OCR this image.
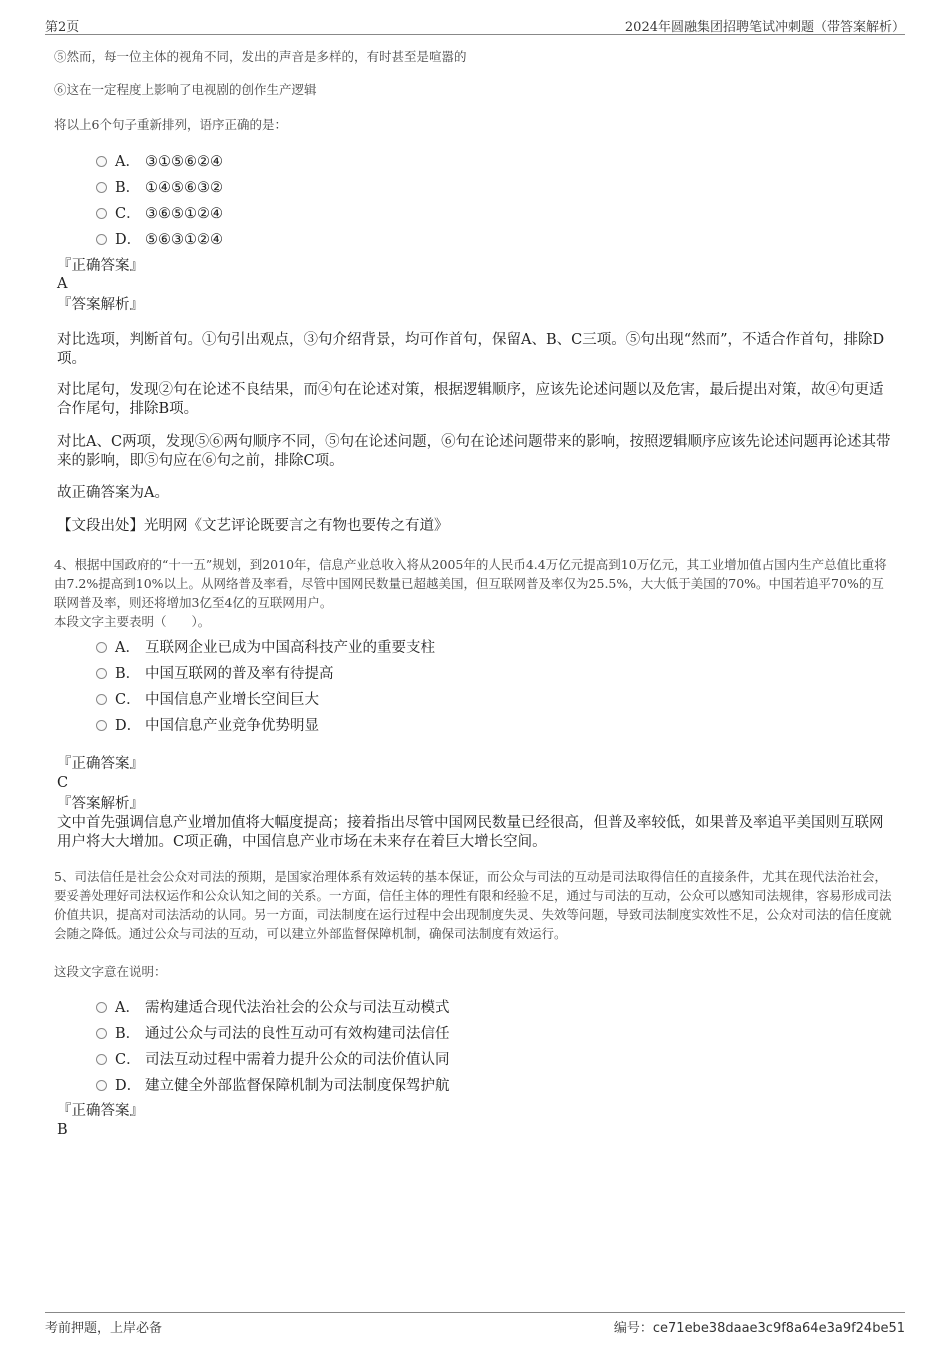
第2页	2024年圆融集团招聘笔试冲刺题（带答案解析）
⑤然而，每一位主体的视角不同，发出的声音是多样的，有时甚至是喧嚣的
⑥这在一定程度上影响了电视剧的创作生产逻辑
将以上6个句子重新排列，语序正确的是：
A． ③①⑤⑥②④
B． ①④⑤⑥③②
C． ③⑥⑤①②④
D． ⑤⑥③①②④
『正确答案』
A
『答案解析』
对比选项，判断首句。①句引出观点，③句介绍背景，均可作首句，保留A、B、C三项。⑤句出现“然而”，不适合作首句，排除D项。
对比尾句，发现②句在论述不良结果，而④句在论述对策，根据逻辑顺序，应该先论述问题以及危害，最后提出对策，故④句更适合作尾句，排除B项。
对比A、C两项，发现⑤⑥两句顺序不同，⑤句在论述问题，⑥句在论述问题带来的影响，按照逻辑顺序应该先论述问题再论述其带来的影响，即⑤句应在⑥句之前，排除C项。
故正确答案为A。
【文段出处】光明网《文艺评论既要言之有物也要传之有道》
4、根据中国政府的“十一五”规划，到2010年，信息产业总收入将从2005年的人民币4.4万亿元提高到10万亿元，其工业增加值占国内生产总值比重将由7.2%提高到10%以上。从网络普及率看，尽管中国网民数量已超越美国，但互联网普及率仅为25.5%，大大低于美国的70%。中国若追平70%的互联网普及率，则还将增加3亿至4亿的互联网用户。
本段文字主要表明（　　）。
A． 互联网企业已成为中国高科技产业的重要支柱
B． 中国互联网的普及率有待提高
C． 中国信息产业增长空间巨大
D． 中国信息产业竞争优势明显
『正确答案』
C
『答案解析』
文中首先强调信息产业增加值将大幅度提高；接着指出尽管中国网民数量已经很高，但普及率较低，如果普及率追平美国则互联网用户将大大增加。C项正确，中国信息产业市场在未来存在着巨大增长空间。
5、司法信任是社会公众对司法的预期，是国家治理体系有效运转的基本保证，而公众与司法的互动是司法取得信任的直接条件，尤其在现代法治社会，要妥善处理好司法权运作和公众认知之间的关系。一方面，信任主体的理性有限和经验不足，通过与司法的互动，公众可以感知司法规律，容易形成司法价值共识，提高对司法活动的认同。另一方面，司法制度在运行过程中会出现制度失灵、失效等问题，导致司法制度实效性不足，公众对司法的信任度就会随之降低。通过公众与司法的互动，可以建立外部监督保障机制，确保司法制度有效运行。
这段文字意在说明：
A． 需构建适合现代法治社会的公众与司法互动模式
B． 通过公众与司法的良性互动可有效构建司法信任
C． 司法互动过程中需着力提升公众的司法价值认同
D． 建立健全外部监督保障机制为司法制度保驾护航
『正确答案』
B
考前押题，上岸必备	编号：ce71ebe38daae3c9f8a64e3a9f24be51
